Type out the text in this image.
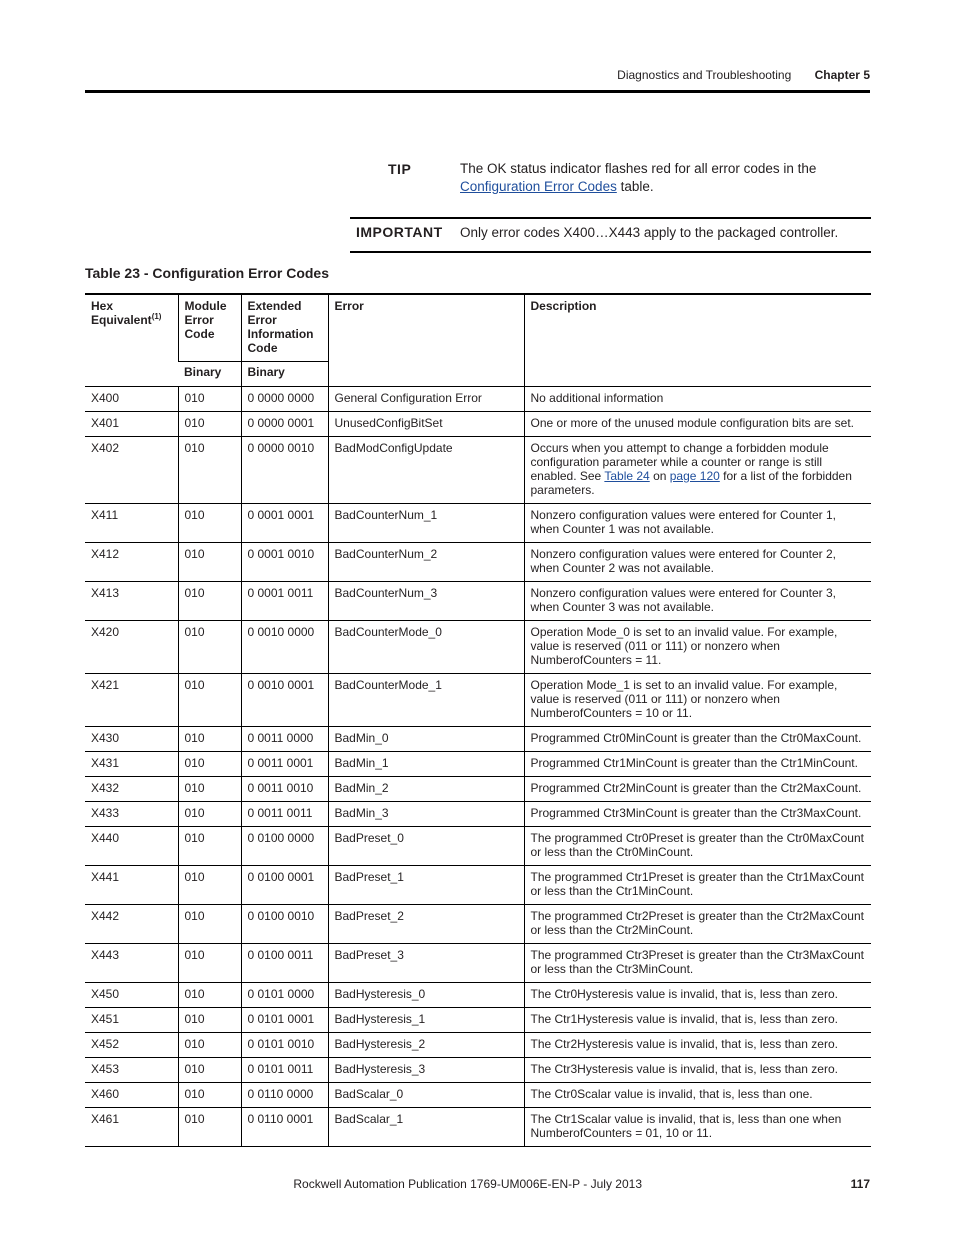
Diagnostics and Troubleshooting Chapter 5
TIP	The OK status indicator flashes red for all error codes in the
Configuration Error Codes table.
IMPORTANT Only error codes X400…X443 apply to the packaged controller.
Table 23 - Configuration Error Codes
Hex Equivalent$^{(1)}$	Module Error Code	Extended Error Information Code	Error	Description
	Binary	Binary		
X400	010	0 0000 0000	General Configuration Error	No additional information
X401	010	0 0000 0001	UnusedConfigBitSet	One or more of the unused module configuration bits are set.
X402	010	0 0000 0010	BadModConfigUpdate	Occurs when you attempt to change a forbidden module configuration parameter while a counter or range is still enabled. See Table 24 on page 120 for a list of the forbidden parameters.
X411	010	0 0001 0001	BadCounterNum_1	Nonzero configuration values were entered for Counter 1, when Counter 1 was not available.
X412	010	0 0001 0010	BadCounterNum_2	Nonzero configuration values were entered for Counter 2, when Counter 2 was not available.
X413	010	0 0001 0011	BadCounterNum_3	Nonzero configuration values were entered for Counter 3, when Counter 3 was not available.
X420	010	0 0010 0000	BadCounterMode_0	Operation Mode_0 is set to an invalid value. For example, value is reserved (011 or 111) or nonzero when NumberofCounters = 11.
X421	010	0 0010 0001	BadCounterMode_1	Operation Mode_1 is set to an invalid value. For example, value is reserved (011 or 111) or nonzero when NumberofCounters = 10 or 11.
X430	010	0 0011 0000	BadMin_0	Programmed Ctr0MinCount is greater than the Ctr0MaxCount.
X431	010	0 0011 0001	BadMin_1	Programmed Ctr1MinCount is greater than the Ctr1MinCount.
X432	010	0 0011 0010	BadMin_2	Programmed Ctr2MinCount is greater than the Ctr2MaxCount.
X433	010	0 0011 0011	BadMin_3	Programmed Ctr3MinCount is greater than the Ctr3MaxCount.
X440	010	0 0100 0000	BadPreset_0	The programmed Ctr0Preset is greater than the Ctr0MaxCount or less than the Ctr0MinCount.
X441	010	0 0100 0001	BadPreset_1	The programmed Ctr1Preset is greater than the Ctr1MaxCount or less than the Ctr1MinCount.
X442	010	0 0100 0010	BadPreset_2	The programmed Ctr2Preset is greater than the Ctr2MaxCount or less than the Ctr2MinCount.
X443	010	0 0100 0011	BadPreset_3	The programmed Ctr3Preset is greater than the Ctr3MaxCount or less than the Ctr3MinCount.
X450	010	0 0101 0000	BadHysteresis_0	The Ctr0Hysteresis value is invalid, that is, less than zero.
X451	010	0 0101 0001	BadHysteresis_1	The Ctr1Hysteresis value is invalid, that is, less than zero.
X452	010	0 0101 0010	BadHysteresis_2	The Ctr2Hysteresis value is invalid, that is, less than zero.
X453	010	0 0101 0011	BadHysteresis_3	The Ctr3Hysteresis value is invalid, that is, less than zero.
X460	010	0 0110 0000	BadScalar_0	The Ctr0Scalar value is invalid, that is, less than one.
X461	010	0 0110 0001	BadScalar_1	The Ctr1Scalar value is invalid, that is, less than one when NumberofCounters = 01, 10 or 11.
Rockwell Automation Publication 1769-UM006E-EN-P - July 2013	117
